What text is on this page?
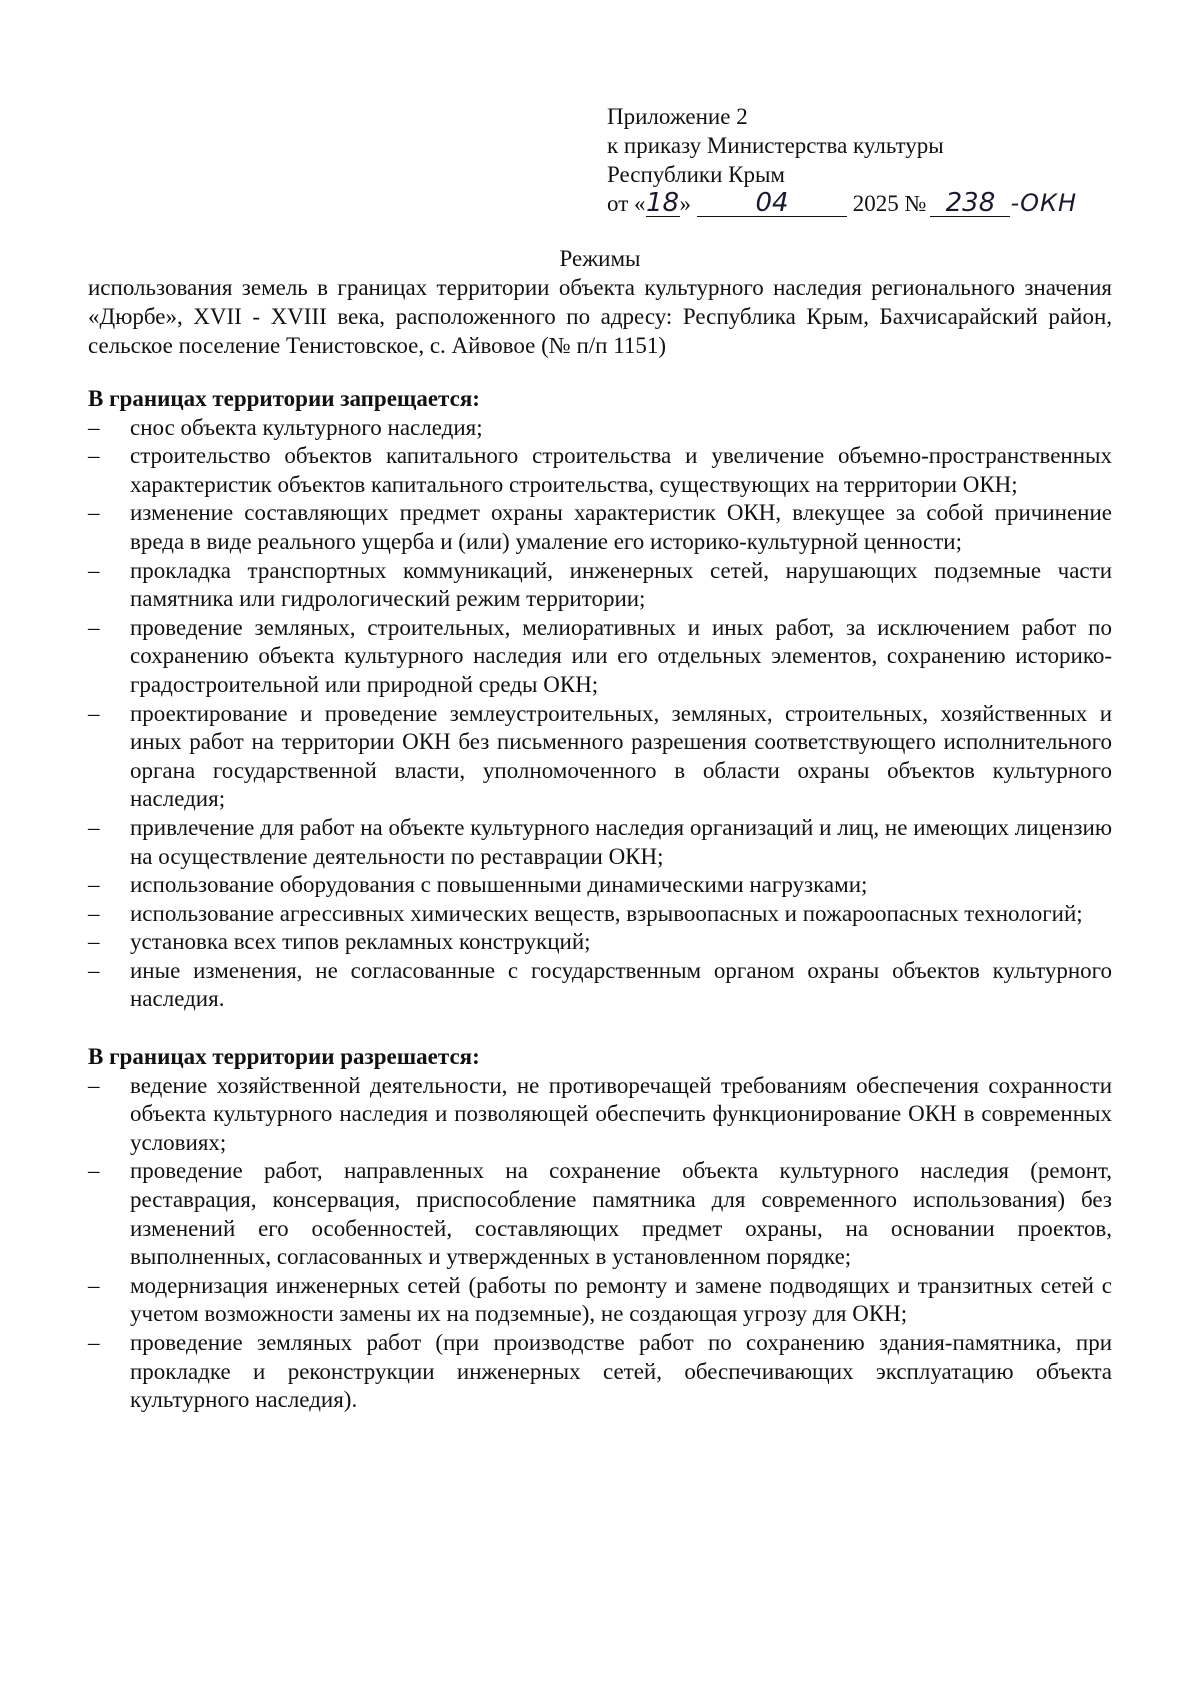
Приложение 2
к приказу Министерства культуры
Республики Крым
от «18» 04	2025 № 238 -ОКН
Режимы
использования земель в границах территории объекта культурного наследия регионального значения «Дюрбе», XVII - XVIII века, расположенного по адресу: Республика Крым, Бахчисарайский район, сельское поселение Тенистовское, с. Айвовое (№ п/п 1151)

В границах территории запрещается:

–	снос объекта культурного наследия;
–	строительство объектов капитального строительства и увеличение объемно-пространственных характеристик объектов капитального строительства, существующих на территории ОКН;
–	изменение составляющих предмет охраны характеристик ОКН, влекущее за собой причинение вреда в виде реального ущерба и (или) умаление его историко-культурной ценности;
–	прокладка транспортных коммуникаций, инженерных сетей, нарушающих подземные части памятника или гидрологический режим территории;
–	проведение земляных, строительных, мелиоративных и иных работ, за исключением работ по сохранению объекта культурного наследия или его отдельных элементов, сохранению историко-градостроительной или природной среды ОКН;
–	проектирование и проведение землеустроительных, земляных, строительных, хозяйственных и иных работ на территории ОКН без письменного разрешения соответствующего исполнительного органа государственной власти, уполномоченного в области охраны объектов культурного наследия;
–	привлечение для работ на объекте культурного наследия организаций и лиц, не имеющих лицензию на осуществление деятельности по реставрации ОКН;
–	использование оборудования с повышенными динамическими нагрузками;
–	использование агрессивных химических веществ, взрывоопасных и пожароопасных технологий;
–	установка всех типов рекламных конструкций;
–	иные изменения, не согласованные с государственным органом охраны объектов культурного наследия.

В границах территории разрешается:

–	ведение хозяйственной деятельности, не противоречащей требованиям обеспечения сохранности объекта культурного наследия и позволяющей обеспечить функционирование ОКН в современных условиях;
–	проведение работ, направленных на сохранение объекта культурного наследия (ремонт, реставрация, консервация, приспособление памятника для современного использования) без изменений его особенностей, составляющих предмет охраны, на основании проектов, выполненных, согласованных и утвержденных в установленном порядке;
–	модернизация инженерных сетей (работы по ремонту и замене подводящих и транзитных сетей с учетом возможности замены их на подземные), не создающая угрозу для ОКН;
–	проведение земляных работ (при производстве работ по сохранению здания-памятника, при прокладке и реконструкции инженерных сетей, обеспечивающих эксплуатацию объекта культурного наследия).
